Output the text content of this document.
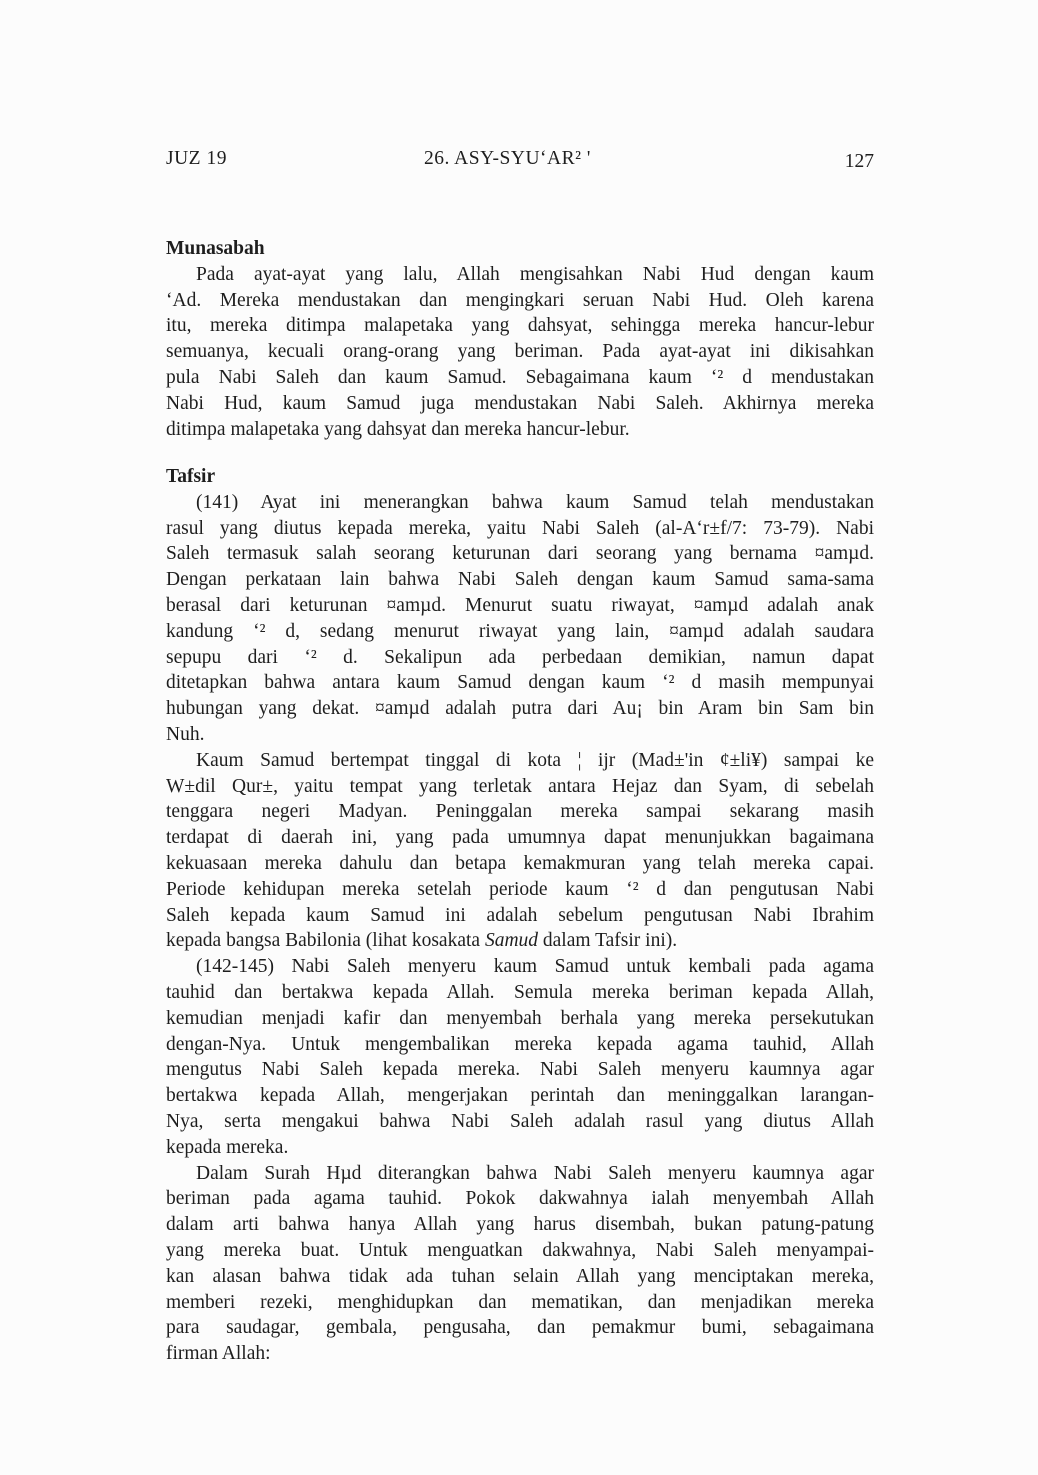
JUZ 19	26. ASY-SYU‘AR² '	127
Munasabah
Pada ayat-ayat yang lalu, Allah mengisahkan Nabi Hud dengan kaum
‘Ad. Mereka mendustakan dan mengingkari seruan Nabi Hud. Oleh karena
itu, mereka ditimpa malapetaka yang dahsyat, sehingga mereka hancur-lebur
semuanya, kecuali orang-orang yang beriman. Pada ayat-ayat ini dikisahkan
pula Nabi Saleh dan kaum Samud. Sebagaimana kaum ‘² d mendustakan
Nabi Hud, kaum Samud juga mendustakan Nabi Saleh. Akhirnya mereka
ditimpa malapetaka yang dahsyat dan mereka hancur-lebur.
Tafsir
(141) Ayat ini menerangkan bahwa kaum Samud telah mendustakan
rasul yang diutus kepada mereka, yaitu Nabi Saleh (al-A‘r±f/7: 73-79). Nabi
Saleh termasuk salah seorang keturunan dari seorang yang bernama ¤amµd.
Dengan perkataan lain bahwa Nabi Saleh dengan kaum Samud sama-sama
berasal dari keturunan ¤amµd. Menurut suatu riwayat, ¤amµd adalah anak
kandung ‘² d, sedang menurut riwayat yang lain, ¤amµd adalah saudara
sepupu dari ‘² d. Sekalipun ada perbedaan demikian, namun dapat
ditetapkan bahwa antara kaum Samud dengan kaum ‘² d masih mempunyai
hubungan yang dekat. ¤amµd adalah putra dari Au¡ bin Aram bin Sam bin
Nuh.
Kaum Samud bertempat tinggal di kota ¦ ijr (Mad±'in ¢±li¥) sampai ke
W±dil Qur±, yaitu tempat yang terletak antara Hejaz dan Syam, di sebelah
tenggara negeri Madyan. Peninggalan mereka sampai sekarang masih
terdapat di daerah ini, yang pada umumnya dapat menunjukkan bagaimana
kekuasaan mereka dahulu dan betapa kemakmuran yang telah mereka capai.
Periode kehidupan mereka setelah periode kaum ‘² d dan pengutusan Nabi
Saleh kepada kaum Samud ini adalah sebelum pengutusan Nabi Ibrahim
kepada bangsa Babilonia (lihat kosakata Samud dalam Tafsir ini).
(142-145) Nabi Saleh menyeru kaum Samud untuk kembali pada agama
tauhid dan bertakwa kepada Allah. Semula mereka beriman kepada Allah,
kemudian menjadi kafir dan menyembah berhala yang mereka persekutukan
dengan-Nya. Untuk mengembalikan mereka kepada agama tauhid, Allah
mengutus Nabi Saleh kepada mereka. Nabi Saleh menyeru kaumnya agar
bertakwa kepada Allah, mengerjakan perintah dan meninggalkan larangan-
Nya, serta mengakui bahwa Nabi Saleh adalah rasul yang diutus Allah
kepada mereka.
Dalam Surah Hµd diterangkan bahwa Nabi Saleh menyeru kaumnya agar
beriman pada agama tauhid. Pokok dakwahnya ialah menyembah Allah
dalam arti bahwa hanya Allah yang harus disembah, bukan patung-patung
yang mereka buat. Untuk menguatkan dakwahnya, Nabi Saleh menyampai-
kan alasan bahwa tidak ada tuhan selain Allah yang menciptakan mereka,
memberi rezeki, menghidupkan dan mematikan, dan menjadikan mereka
para saudagar, gembala, pengusaha, dan pemakmur bumi, sebagaimana
firman Allah:
